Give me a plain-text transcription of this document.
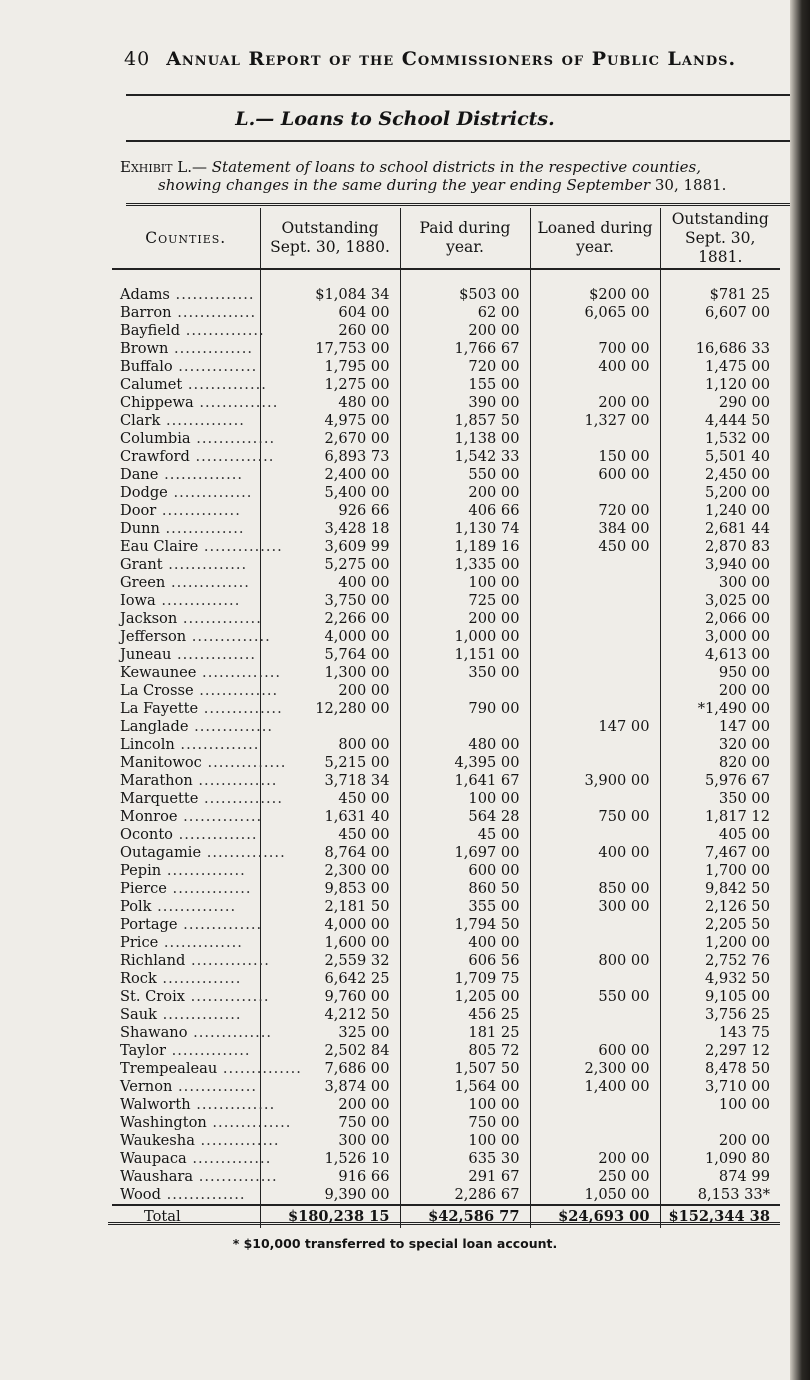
40 Annual Report of the Commissioners of Public Lands.
L.— Loans to School Districts.
Exhibit L.— Statement of loans to school districts in the respective counties,
showing changes in the same during the year ending September 30, 1881.
Counties.	Outstanding Sept. 30, 1880.	Paid during year.	Loaned during year.	Outstanding Sept. 30, 1881.

Adams ..............	$1,084 34	$503 00	$200 00	$781 25
Barron ..............	604 00	62 00	6,065 00	6,607 00
Bayfield ..............	260 00	200 00		
Brown ..............	17,753 00	1,766 67	700 00	16,686 33
Buffalo ..............	1,795 00	720 00	400 00	1,475 00
Calumet ..............	1,275 00	155 00		1,120 00
Chippewa ..............	480 00	390 00	200 00	290 00
Clark ..............	4,975 00	1,857 50	1,327 00	4,444 50
Columbia ..............	2,670 00	1,138 00		1,532 00
Crawford ..............	6,893 73	1,542 33	150 00	5,501 40
Dane ..............	2,400 00	550 00	600 00	2,450 00
Dodge ..............	5,400 00	200 00		5,200 00
Door ..............	926 66	406 66	720 00	1,240 00
Dunn ..............	3,428 18	1,130 74	384 00	2,681 44
Eau Claire ..............	3,609 99	1,189 16	450 00	2,870 83
Grant ..............	5,275 00	1,335 00		3,940 00
Green ..............	400 00	100 00		300 00
Iowa ..............	3,750 00	725 00		3,025 00
Jackson ..............	2,266 00	200 00		2,066 00
Jefferson ..............	4,000 00	1,000 00		3,000 00
Juneau ..............	5,764 00	1,151 00		4,613 00
Kewaunee ..............	1,300 00	350 00		950 00
La Crosse ..............	200 00			200 00
La Fayette ..............	12,280 00	790 00		*1,490 00
Langlade ..............			147 00	147 00
Lincoln ..............	800 00	480 00		320 00
Manitowoc ..............	5,215 00	4,395 00		820 00
Marathon ..............	3,718 34	1,641 67	3,900 00	5,976 67
Marquette ..............	450 00	100 00		350 00
Monroe ..............	1,631 40	564 28	750 00	1,817 12
Oconto ..............	450 00	45 00		405 00
Outagamie ..............	8,764 00	1,697 00	400 00	7,467 00
Pepin ..............	2,300 00	600 00		1,700 00
Pierce ..............	9,853 00	860 50	850 00	9,842 50
Polk ..............	2,181 50	355 00	300 00	2,126 50
Portage ..............	4,000 00	1,794 50		2,205 50
Price ..............	1,600 00	400 00		1,200 00
Richland ..............	2,559 32	606 56	800 00	2,752 76
Rock ..............	6,642 25	1,709 75		4,932 50
St. Croix ..............	9,760 00	1,205 00	550 00	9,105 00
Sauk ..............	4,212 50	456 25		3,756 25
Shawano ..............	325 00	181 25		143 75
Taylor ..............	2,502 84	805 72	600 00	2,297 12
Trempealeau ..............	7,686 00	1,507 50	2,300 00	8,478 50
Vernon ..............	3,874 00	1,564 00	1,400 00	3,710 00
Walworth ..............	200 00	100 00		100 00
Washington ..............	750 00	750 00		
Waukesha ..............	300 00	100 00		200 00
Waupaca ..............	1,526 10	635 30	200 00	1,090 80
Waushara ..............	916 66	291 67	250 00	874 99
Wood ..............	9,390 00	2,286 67	1,050 00	8,153 33*
Total	$180,238 15	$42,586 77	$24,693 00	$152,344 38
* $10,000 transferred to special loan account.
